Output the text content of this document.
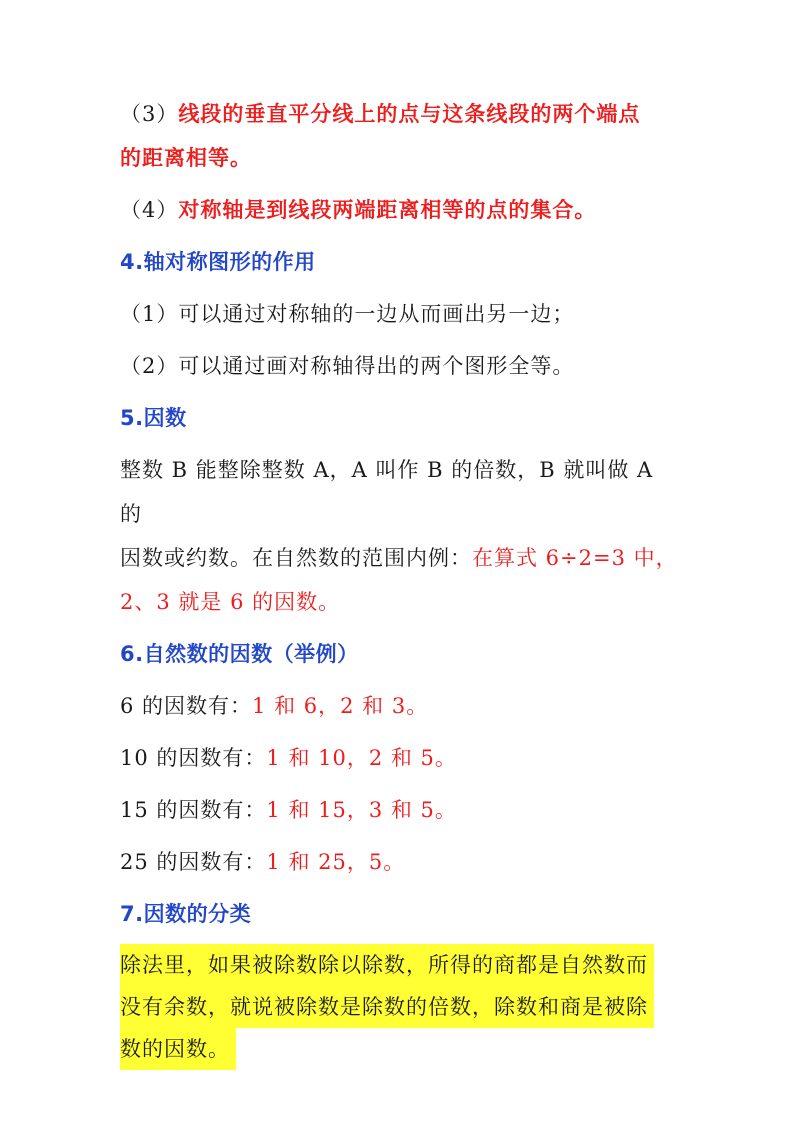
（3）线段的垂直平分线上的点与这条线段的两个端点

的距离相等。

（4）对称轴是到线段两端距离相等的点的集合。

4.轴对称图形的作用

（1）可以通过对称轴的一边从而画出另一边；

（2）可以通过画对称轴得出的两个图形全等。

5.因数

整数 B 能整除整数 A，A 叫作 B 的倍数，B 就叫做 A 的

因数或约数。在自然数的范围内例：在算式 6÷2=3 中，

2、3 就是 6 的因数。

6.自然数的因数（举例）

6 的因数有：1 和 6，2 和 3。

10 的因数有：1 和 10，2 和 5。

15 的因数有：1 和 15，3 和 5。

25 的因数有：1 和 25，5。

7.因数的分类

除法里，如果被除数除以除数，所得的商都是自然数而

没有余数，就说被除数是除数的倍数，除数和商是被除

数的因数。
